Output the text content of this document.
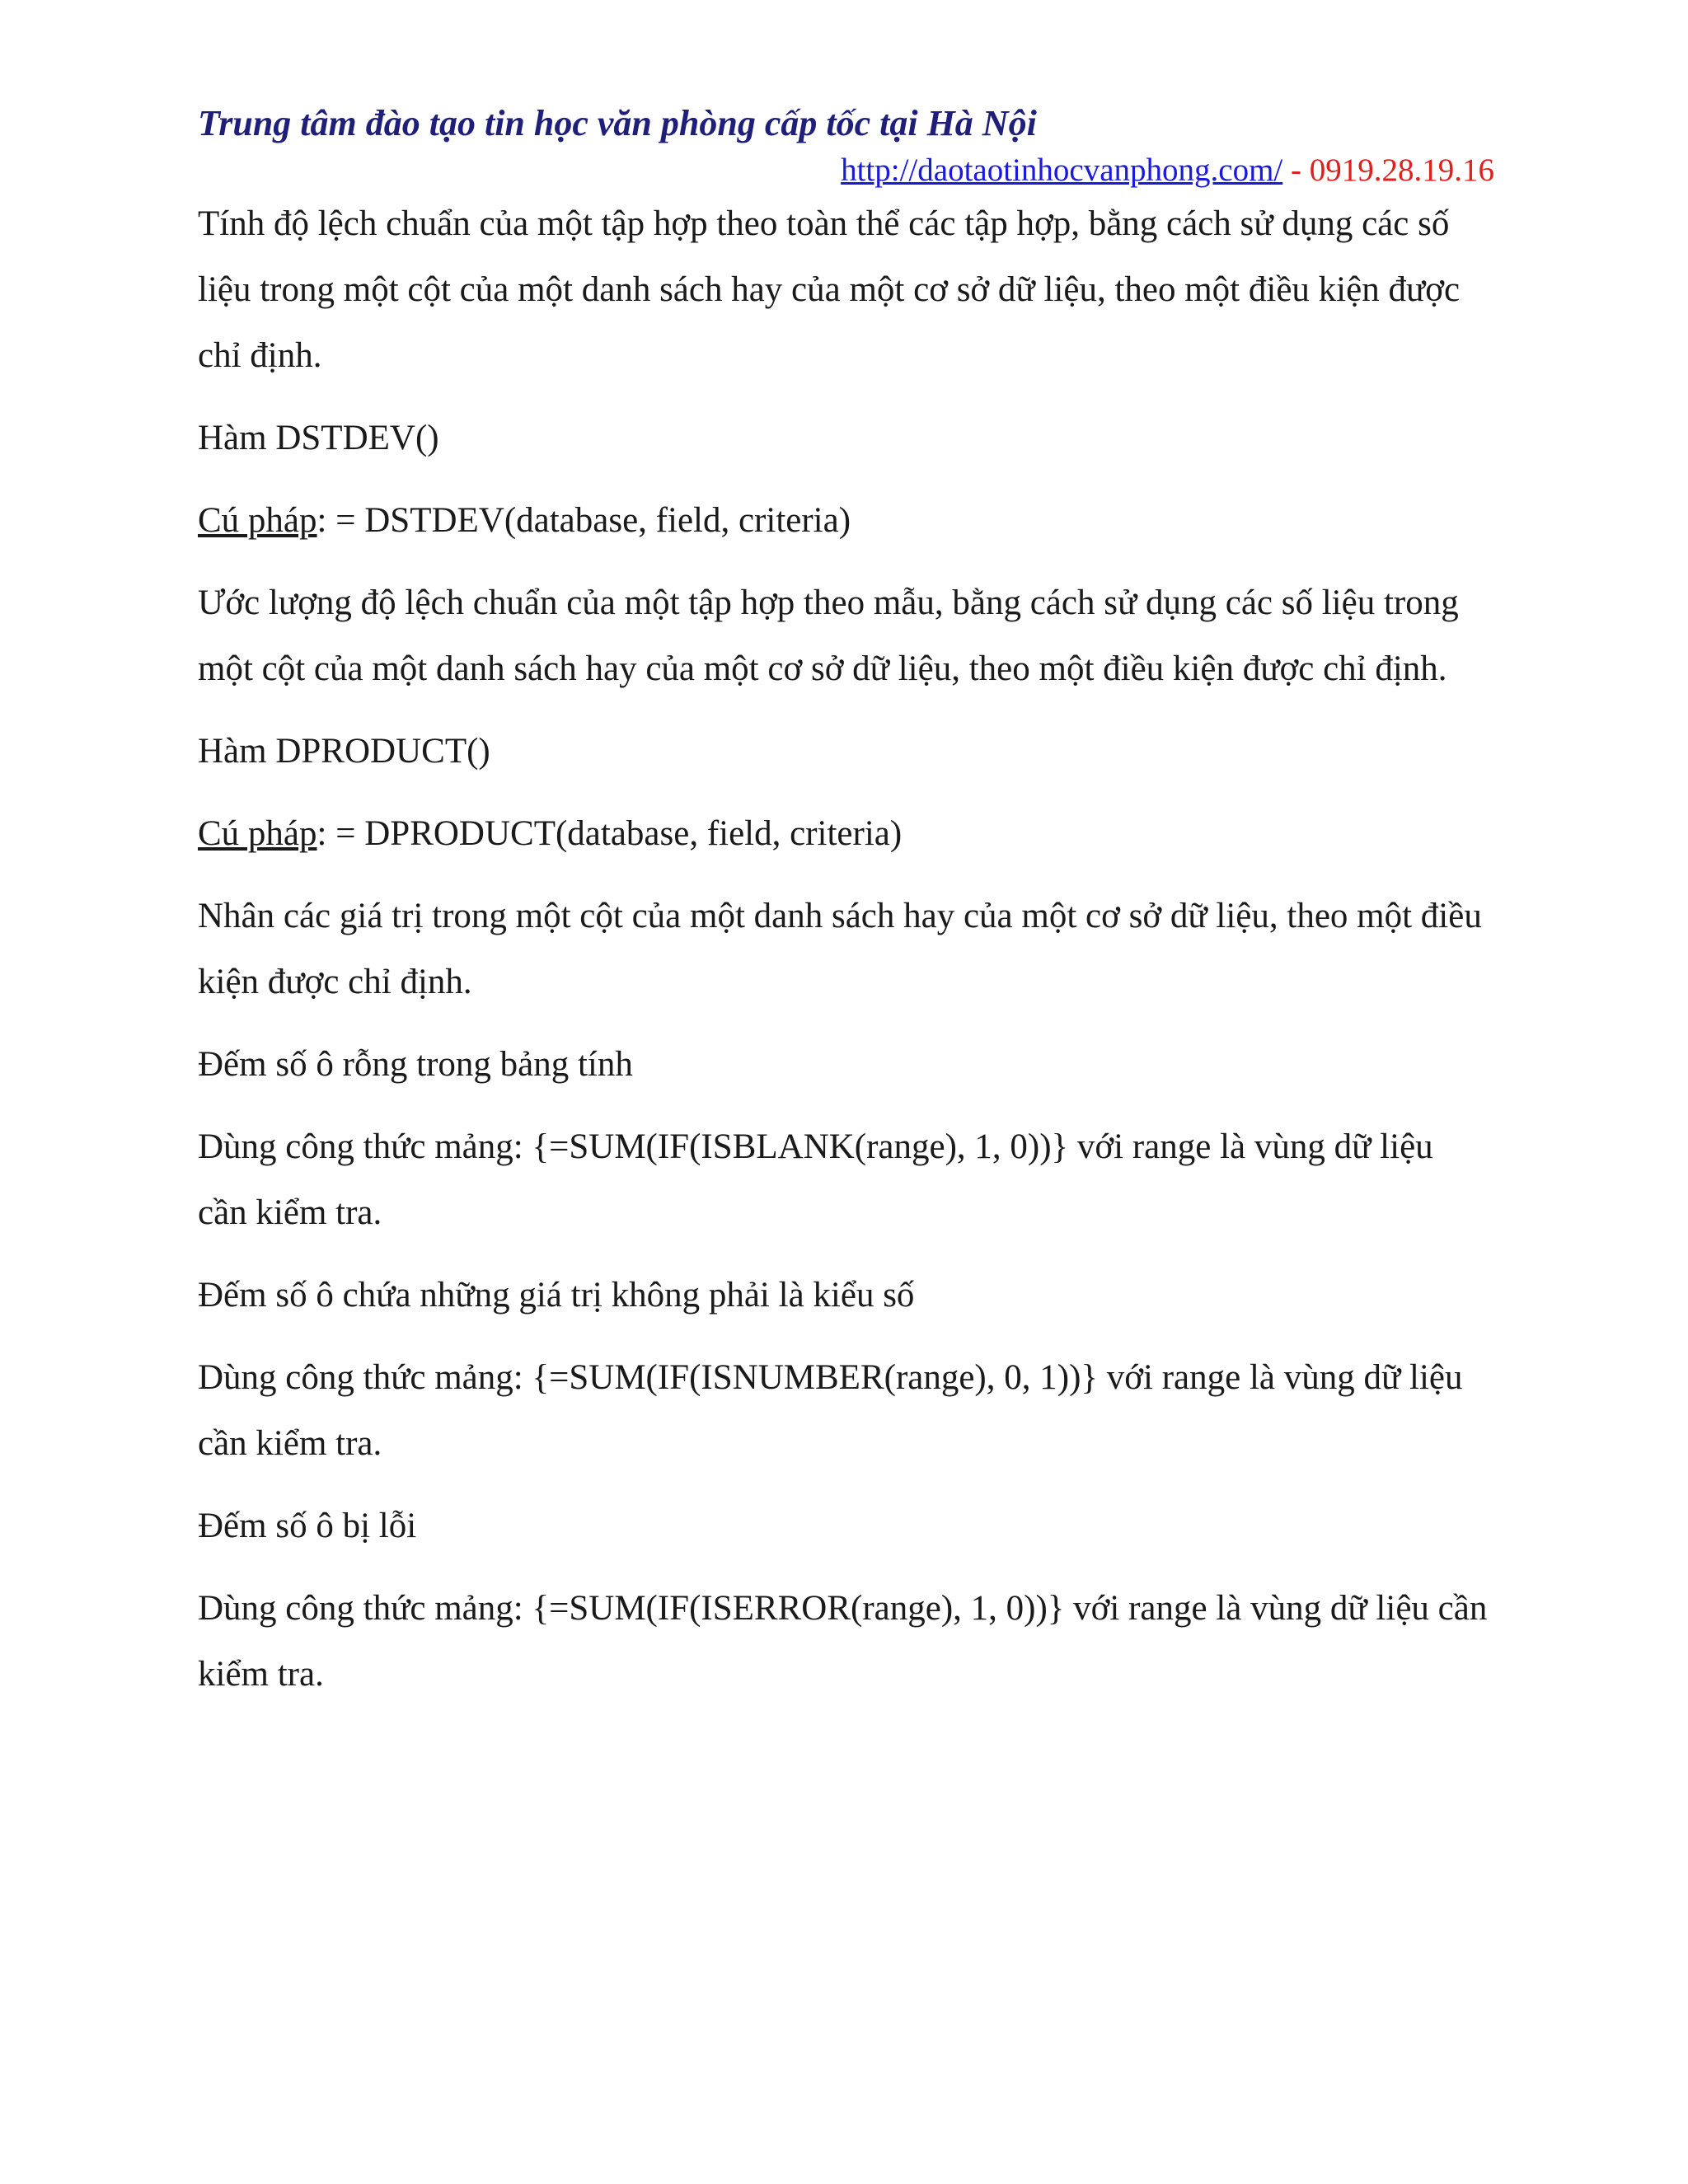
Trung tâm đào tạo tin học văn phòng cấp tốc tại Hà Nội

http://daotaotinhocvanphong.com/ - 0919.28.19.16

Tính độ lệch chuẩn của một tập hợp theo toàn thể các tập hợp, bằng cách sử dụng các số liệu trong một cột của một danh sách hay của một cơ sở dữ liệu, theo một điều kiện được chỉ định.

Hàm DSTDEV()

Cú pháp: = DSTDEV(database, field, criteria)

Ước lượng độ lệch chuẩn của một tập hợp theo mẫu, bằng cách sử dụng các số liệu trong một cột của một danh sách hay của một cơ sở dữ liệu, theo một điều kiện được chỉ định.

Hàm DPRODUCT()

Cú pháp: = DPRODUCT(database, field, criteria)

Nhân các giá trị trong một cột của một danh sách hay của một cơ sở dữ liệu, theo một điều kiện được chỉ định.

Đếm số ô rỗng trong bảng tính

Dùng công thức mảng: {=SUM(IF(ISBLANK(range), 1, 0))} với range là vùng dữ liệu cần kiểm tra.

Đếm số ô chứa những giá trị không phải là kiểu số

Dùng công thức mảng: {=SUM(IF(ISNUMBER(range), 0, 1))} với range là vùng dữ liệu cần kiểm tra.

Đếm số ô bị lỗi

Dùng công thức mảng: {=SUM(IF(ISERROR(range), 1, 0))} với range là vùng dữ liệu cần kiểm tra.
